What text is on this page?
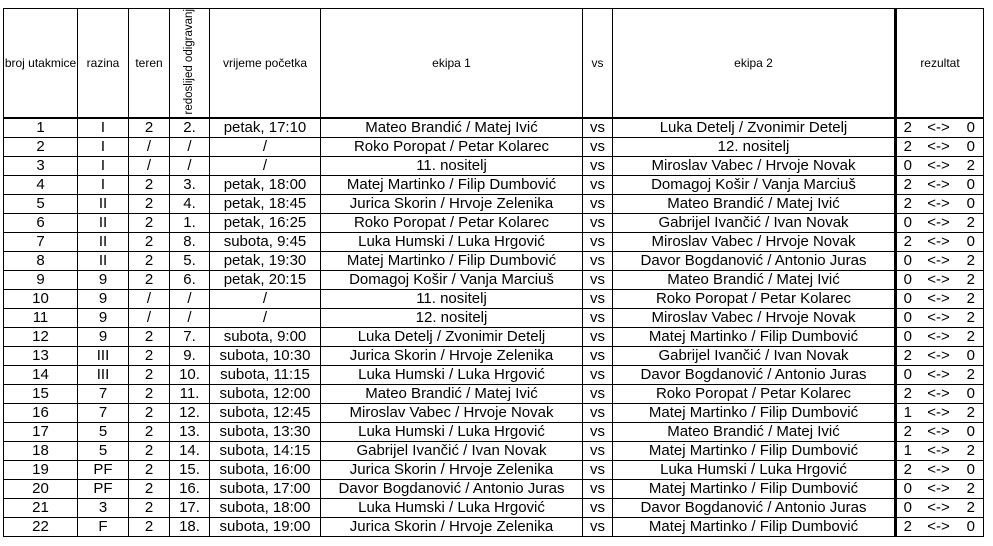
broj utakmice	razina	teren	redoslijed odigravanj	vrijeme početka	ekipa 1	vs	ekipa 2	rezultat		
1	I	2	2.	petak, 17:10	Mateo Brandić / Matej Ivić	vs	Luka Detelj / Zvonimir Detelj	2	<->	0
2	I	/	/	/	Roko Poropat / Petar Kolarec	vs	12. nositelj	2	<->	0
3	I	/	/	/	11. nositelj	vs	Miroslav Vabec / Hrvoje Novak	0	<->	2
4	I	2	3.	petak, 18:00	Matej Martinko / Filip Dumbović	vs	Domagoj Košir / Vanja Marciuš	2	<->	0
5	II	2	4.	petak, 18:45	Jurica Skorin / Hrvoje Zelenika	vs	Mateo Brandić / Matej Ivić	2	<->	0
6	II	2	1.	petak, 16:25	Roko Poropat / Petar Kolarec	vs	Gabrijel Ivančić / Ivan Novak	0	<->	2
7	II	2	8.	subota, 9:45	Luka Humski / Luka Hrgović	vs	Miroslav Vabec / Hrvoje Novak	2	<->	0
8	II	2	5.	petak, 19:30	Matej Martinko / Filip Dumbović	vs	Davor Bogdanović / Antonio Juras	0	<->	2
9	9	2	6.	petak, 20:15	Domagoj Košir / Vanja Marciuš	vs	Mateo Brandić / Matej Ivić	0	<->	2
10	9	/	/	/	11. nositelj	vs	Roko Poropat / Petar Kolarec	0	<->	2
11	9	/	/	/	12. nositelj	vs	Miroslav Vabec / Hrvoje Novak	0	<->	2
12	9	2	7.	subota, 9:00	Luka Detelj / Zvonimir Detelj	vs	Matej Martinko / Filip Dumbović	0	<->	2
13	III	2	9.	subota, 10:30	Jurica Skorin / Hrvoje Zelenika	vs	Gabrijel Ivančić / Ivan Novak	2	<->	0
14	III	2	10.	subota, 11:15	Luka Humski / Luka Hrgović	vs	Davor Bogdanović / Antonio Juras	0	<->	2
15	7	2	11.	subota, 12:00	Mateo Brandić / Matej Ivić	vs	Roko Poropat / Petar Kolarec	2	<->	0
16	7	2	12.	subota, 12:45	Miroslav Vabec / Hrvoje Novak	vs	Matej Martinko / Filip Dumbović	1	<->	2
17	5	2	13.	subota, 13:30	Luka Humski / Luka Hrgović	vs	Mateo Brandić / Matej Ivić	2	<->	0
18	5	2	14.	subota, 14:15	Gabrijel Ivančić / Ivan Novak	vs	Matej Martinko / Filip Dumbović	1	<->	2
19	PF	2	15.	subota, 16:00	Jurica Skorin / Hrvoje Zelenika	vs	Luka Humski / Luka Hrgović	2	<->	0
20	PF	2	16.	subota, 17:00	Davor Bogdanović / Antonio Juras	vs	Matej Martinko / Filip Dumbović	0	<->	2
21	3	2	17.	subota, 18:00	Luka Humski / Luka Hrgović	vs	Davor Bogdanović / Antonio Juras	0	<->	2
22	F	2	18.	subota, 19:00	Jurica Skorin / Hrvoje Zelenika	vs	Matej Martinko / Filip Dumbović	2	<->	0
